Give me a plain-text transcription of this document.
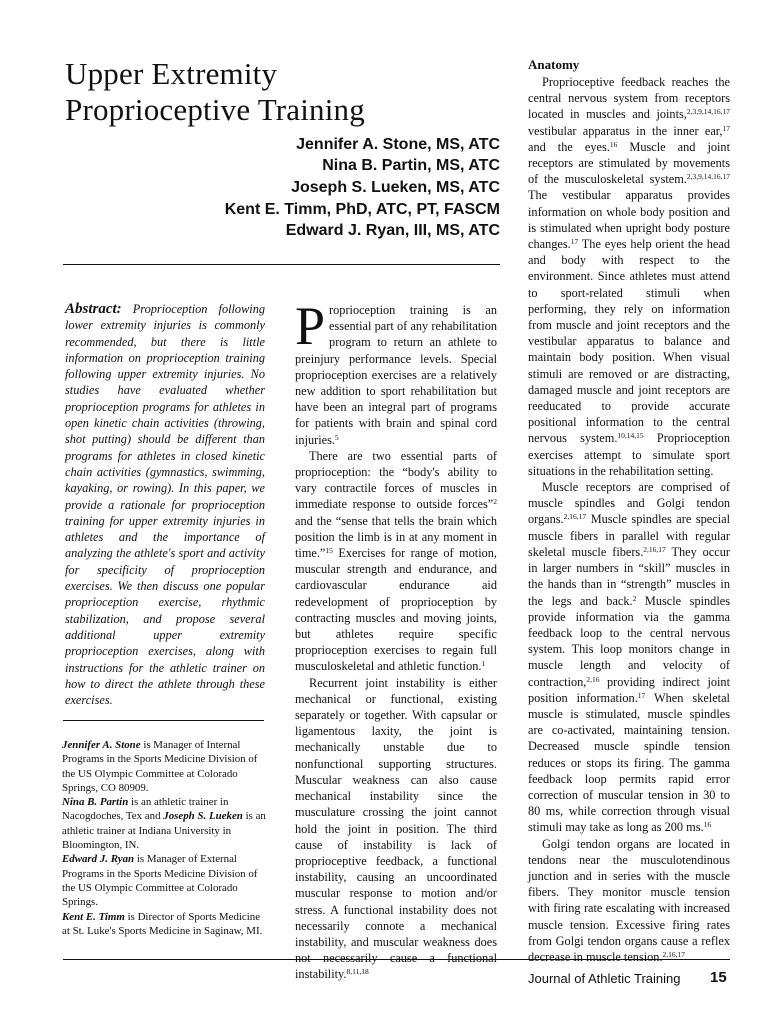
Upper Extremity
Proprioceptive Training
Jennifer A. Stone, MS, ATC
Nina B. Partin, MS, ATC
Joseph S. Lueken, MS, ATC
Kent E. Timm, PhD, ATC, PT, FASCM
Edward J. Ryan, III, MS, ATC
Abstract: Proprioception following lower extremity injuries is commonly recommended, but there is little information on proprioception training following upper extremity injuries. No studies have evaluated whether proprioception programs for athletes in open kinetic chain activities (throwing, shot putting) should be different than programs for athletes in closed kinetic chain activities (gymnastics, swimming, kayaking, or rowing). In this paper, we provide a rationale for proprioception training for upper extremity injuries in athletes and the importance of analyzing the athlete's sport and activity for specificity of proprioception exercises. We then discuss one popular proprioception exercise, rhythmic stabilization, and propose several additional upper extremity proprioception exercises, along with instructions for the athletic trainer on how to direct the athlete through these exercises.

Jennifer A. Stone is Manager of Internal Programs in the Sports Medicine Division of the US Olympic Committee at Colorado Springs, CO 80909.

Nina B. Partin is an athletic trainer in Nacogdoches, Tex and Joseph S. Lueken is an athletic trainer at Indiana University in Bloomington, IN.

Edward J. Ryan is Manager of External Programs in the Sports Medicine Division of the US Olympic Committee at Colorado Springs.

Kent E. Timm is Director of Sports Medicine at St. Luke's Sports Medicine in Saginaw, MI.

Proprioception training is an essential part of any rehabilitation program to return an athlete to preinjury performance levels. Special proprioception exercises are a relatively new addition to sport rehabilitation but have been an integral part of programs for patients with brain and spinal cord injuries.$^5$

There are two essential parts of proprioception: the “body's ability to vary contractile forces of muscles in immediate response to outside forces”$^2$ and the “sense that tells the brain which position the limb is in at any moment in time.”$^{15}$ Exercises for range of motion, muscular strength and endurance, and cardiovascular endurance aid redevelopment of proprioception by contracting muscles and moving joints, but athletes require specific proprioception exercises to regain full musculoskeletal and athletic function.$^1$

Recurrent joint instability is either mechanical or functional, existing separately or together. With capsular or ligamentous laxity, the joint is mechanically unstable due to nonfunctional supporting structures. Muscular weakness can also cause mechanical instability since the musculature crossing the joint cannot hold the joint in position. The third cause of instability is lack of proprioceptive feedback, a functional instability, causing an uncoordinated muscular response to motion and/or stress. A functional instability does not necessarily connote a mechanical instability, and muscular weakness does not necessarily cause a functional instability.$^{8,11,18}$

Anatomy

Proprioceptive feedback reaches the central nervous system from receptors located in muscles and joints,$^{2,3,9,14,16,17}$ vestibular apparatus in the inner ear,$^{17}$ and the eyes.$^{16}$ Muscle and joint receptors are stimulated by movements of the musculoskeletal system.$^{2,3,9,14,16,17}$ The vestibular apparatus provides information on whole body position and is stimulated when upright body posture changes.$^{17}$ The eyes help orient the head and body with respect to the environment. Since athletes must attend to sport-related stimuli when performing, they rely on information from muscle and joint receptors and the vestibular apparatus to balance and maintain body position. When visual stimuli are removed or are distracting, damaged muscle and joint receptors are reeducated to provide accurate positional information to the central nervous system.$^{10,14,15}$ Proprioception exercises attempt to simulate sport situations in the rehabilitation setting.

Muscle receptors are comprised of muscle spindles and Golgi tendon organs.$^{2,16,17}$ Muscle spindles are special muscle fibers in parallel with regular skeletal muscle fibers.$^{2,16,17}$ They occur in larger numbers in “skill” muscles in the hands than in “strength” muscles in the legs and back.$^2$ Muscle spindles provide information via the gamma feedback loop to the central nervous system. This loop monitors change in muscle length and velocity of contraction,$^{2,16}$ providing indirect joint position information.$^{17}$ When skeletal muscle is stimulated, muscle spindles are co-activated, maintaining tension. Decreased muscle spindle tension reduces or stops its firing. The gamma feedback loop permits rapid error correction of muscular tension in 30 to 80 ms, while correction through visual stimuli may take as long as 200 ms.$^{16}$

Golgi tendon organs are located in tendons near the musculotendinous junction and in series with the muscle fibers. They monitor muscle tension with firing rate escalating with increased muscle tension. Excessive firing rates from Golgi tendon organs cause a reflex decrease in muscle tension.$^{2,16,17}$

Journal of Athletic Training 15
